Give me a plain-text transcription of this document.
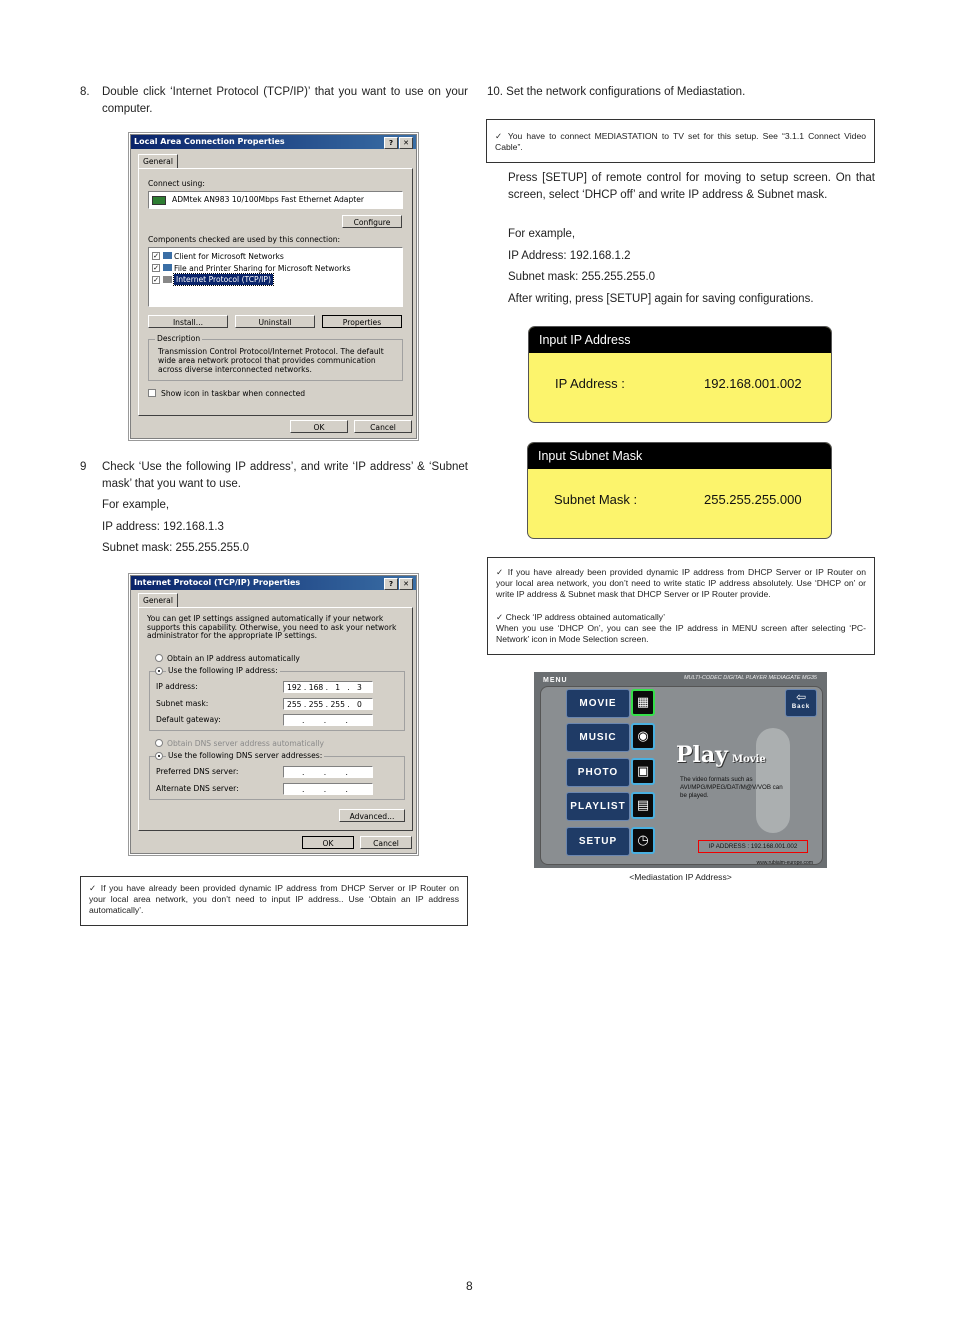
8. Double click ‘Internet Protocol (TCP/IP)’ that you want to use on your computer.
Local Area Connection Properties	?	✕
General
Connect using:
ADMtek AN983 10/100Mbps Fast Ethernet Adapter
Configure
Components checked are used by this connection:
✓ Client for Microsoft Networks
✓ File and Printer Sharing for Microsoft Networks
✓ Internet Protocol (TCP/IP)
Install...	Uninstall	Properties
Description
Transmission Control Protocol/Internet Protocol. The default wide area network protocol that provides communication across diverse interconnected networks.
Show icon in taskbar when connected
OK	Cancel
9 Check ‘Use the following IP address’, and write ‘IP address’ & ‘Subnet mask’ that you want to use.
For example,
IP address: 192.168.1.3
Subnet mask: 255.255.255.0
Internet Protocol (TCP/IP) Properties	?	✕
General
You can get IP settings assigned automatically if your network supports this capability. Otherwise, you need to ask your network administrator for the appropriate IP settings.
Obtain an IP address automatically
Use the following IP address:
IP address:	192 . 168 .   1   .   3
Subnet mask:	255 . 255 . 255 .   0
Default gateway:	.        .        .
Obtain DNS server address automatically
Use the following DNS server addresses:
Preferred DNS server:	.        .        .
Alternate DNS server:	.        .        .
Advanced...
OK	Cancel
✓ If you have already been provided dynamic IP address from DHCP Server or IP Router on your local area network, you don’t need to input IP address.. Use ‘Obtain an IP address automatically’.
10. Set the network configurations of Mediastation.
✓ You have to connect MEDIASTATION to TV set for this setup. See “3.1.1 Connect Video Cable”.
Press [SETUP] of remote control for moving to setup screen. On that screen, select ‘DHCP off’ and write IP address & Subnet mask.
For example,
IP Address: 192.168.1.2
Subnet mask: 255.255.255.0
After writing, press [SETUP] again for saving configurations.
Input IP Address
IP Address :	192.168.001.002
Input Subnet Mask
Subnet Mask :	255.255.255.000
✓ If you have already been provided dynamic IP address from DHCP Server or IP Router on your local area network, you don’t need to write static IP address absolutely. Use ‘DHCP on’ or write IP address & Subnet mask that DHCP Server or IP Router provide.
✓ Check ‘IP address obtained automatically’
When you use ‘DHCP On’, you can see the IP address in MENU screen after selecting ‘PC-Network’ icon in Mode Selection screen.
MENU	MULTI-CODEC DIGITAL PLAYER MEDIAGATE MG35
MOVIE	▦
MUSIC	◉
PHOTO	▣
PLAYLIST ▤
SETUP	◷
⇦
Back
Play Movie
The video formats such as AVI/MPG/MPEG/DAT/M@V/VOB can be played.
IP ADDRESS : 192.168.001.002
www.rubiaim-europe.com
<Mediastation IP Address>
8
